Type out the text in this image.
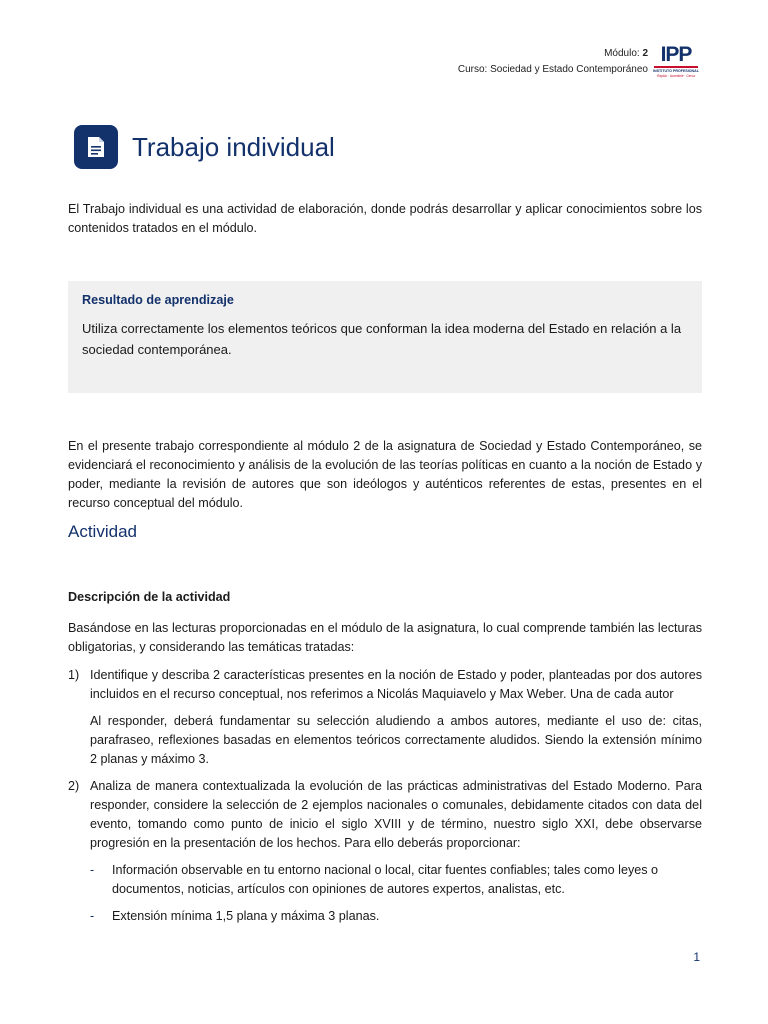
Módulo: 2
Curso: Sociedad y Estado Contemporáneo
IPP
INSTITUTO PROFESIONAL
Rapido · Accesible · Cerca
Trabajo individual

El Trabajo individual es una actividad de elaboración, donde podrás desarrollar y aplicar conocimientos sobre los contenidos tratados en el módulo.

Resultado de aprendizaje

Utiliza correctamente los elementos teóricos que conforman la idea moderna del Estado en relación a la sociedad contemporánea.

En el presente trabajo correspondiente al módulo 2 de la asignatura de Sociedad y Estado Contemporáneo, se evidenciará el reconocimiento y análisis de la evolución de las teorías políticas en cuanto a la noción de Estado y poder, mediante la revisión de autores que son ideólogos y auténticos referentes de estas, presentes en el recurso conceptual del módulo.

Actividad
Descripción de la actividad

Basándose en las lecturas proporcionadas en el módulo de la asignatura, lo cual comprende también las lecturas obligatorias, y considerando las temáticas tratadas:

1) Identifique y describa 2 características presentes en la noción de Estado y poder, planteadas por dos autores incluidos en el recurso conceptual, nos referimos a Nicolás Maquiavelo y Max Weber. Una de cada autor

Al responder, deberá fundamentar su selección aludiendo a ambos autores, mediante el uso de: citas, parafraseo, reflexiones basadas en elementos teóricos correctamente aludidos. Siendo la extensión mínimo 2 planas y máximo 3.

2) Analiza de manera contextualizada la evolución de las prácticas administrativas del Estado Moderno. Para responder, considere la selección de 2 ejemplos nacionales o comunales, debidamente citados con data del evento, tomando como punto de inicio el siglo XVIII y de término, nuestro siglo XXI, debe observarse progresión en la presentación de los hechos. Para ello deberás proporcionar:

-	Información observable en tu entorno nacional o local, citar fuentes confiables; tales como leyes o documentos, noticias, artículos con opiniones de autores expertos, analistas, etc.

-	Extensión mínima 1,5 plana y máxima 3 planas.

1
